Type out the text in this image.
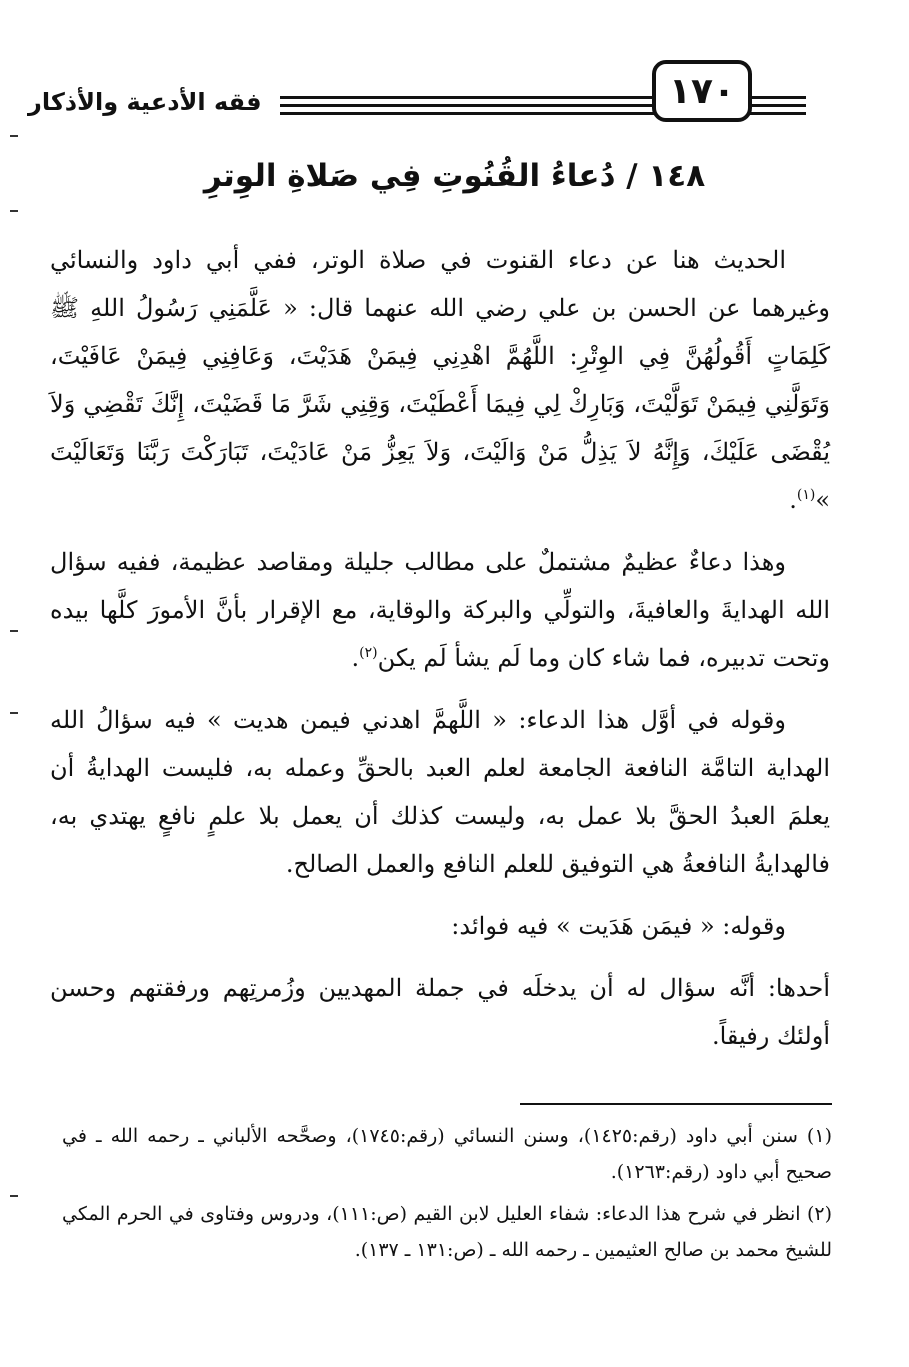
فقه الأدعية والأذكار	١٧٠
١٤٨ / دُعاءُ القُنُوتِ فِي صَلاةِ الوِترِ

الحديث هنا عن دعاء القنوت في صلاة الوتر، ففي أبي داود والنسائي وغيرهما عن الحسن بن علي رضي الله عنهما قال: « عَلَّمَنِي رَسُولُ اللهِ ﷺ كَلِمَاتٍ أَقُولُهُنَّ فِي الوِتْرِ: اللَّهُمَّ اهْدِنِي فِيمَنْ هَدَيْتَ، وَعَافِنِي فِيمَنْ عَافَيْتَ، وَتَوَلَّنِي فِيمَنْ تَوَلَّيْتَ، وَبَارِكْ لِي فِيمَا أَعْطَيْتَ، وَقِنِي شَرَّ مَا قَضَيْتَ، إِنَّكَ تَقْضِي وَلاَ يُقْضَى عَلَيْكَ، وَإِنَّهُ لاَ يَذِلُّ مَنْ وَالَيْتَ، وَلاَ يَعِزُّ مَنْ عَادَيْتَ، تَبَارَكْتَ رَبَّنَا وَتَعَالَيْتَ »$^{(١)}$.

وهذا دعاءٌ عظيمٌ مشتملٌ على مطالب جليلة ومقاصد عظيمة، ففيه سؤال الله الهدايةَ والعافيةَ، والتولِّي والبركة والوقاية، مع الإقرار بأنَّ الأمورَ كلَّها بيده وتحت تدبيره، فما شاء كان وما لَم يشأ لَم يكن$^{(٢)}$.

وقوله في أوَّل هذا الدعاء: « اللَّهمَّ اهدني فيمن هديت » فيه سؤالُ الله الهداية التامَّة النافعة الجامعة لعلم العبد بالحقِّ وعمله به، فليست الهدايةُ أن يعلمَ العبدُ الحقَّ بلا عمل به، وليست كذلك أن يعمل بلا علمٍ نافعٍ يهتدي به، فالهدايةُ النافعةُ هي التوفيق للعلم النافع والعمل الصالح.

وقوله: « فيمَن هَدَيت » فيه فوائد:

أحدها: أنَّه سؤال له أن يدخلَه في جملة المهديين وزُمرتِهم ورفقتهم وحسن أولئك رفيقاً.

(١) سنن أبي داود (رقم:١٤٢٥)، وسنن النسائي (رقم:١٧٤٥)، وصحَّحه الألباني ـ رحمه الله ـ في صحيح أبي داود (رقم:١٢٦٣).

(٢) انظر في شرح هذا الدعاء: شفاء العليل لابن القيم (ص:١١١)، ودروس وفتاوى في الحرم المكي للشيخ محمد بن صالح العثيمين ـ رحمه الله ـ (ص:١٣١ ـ ١٣٧).
